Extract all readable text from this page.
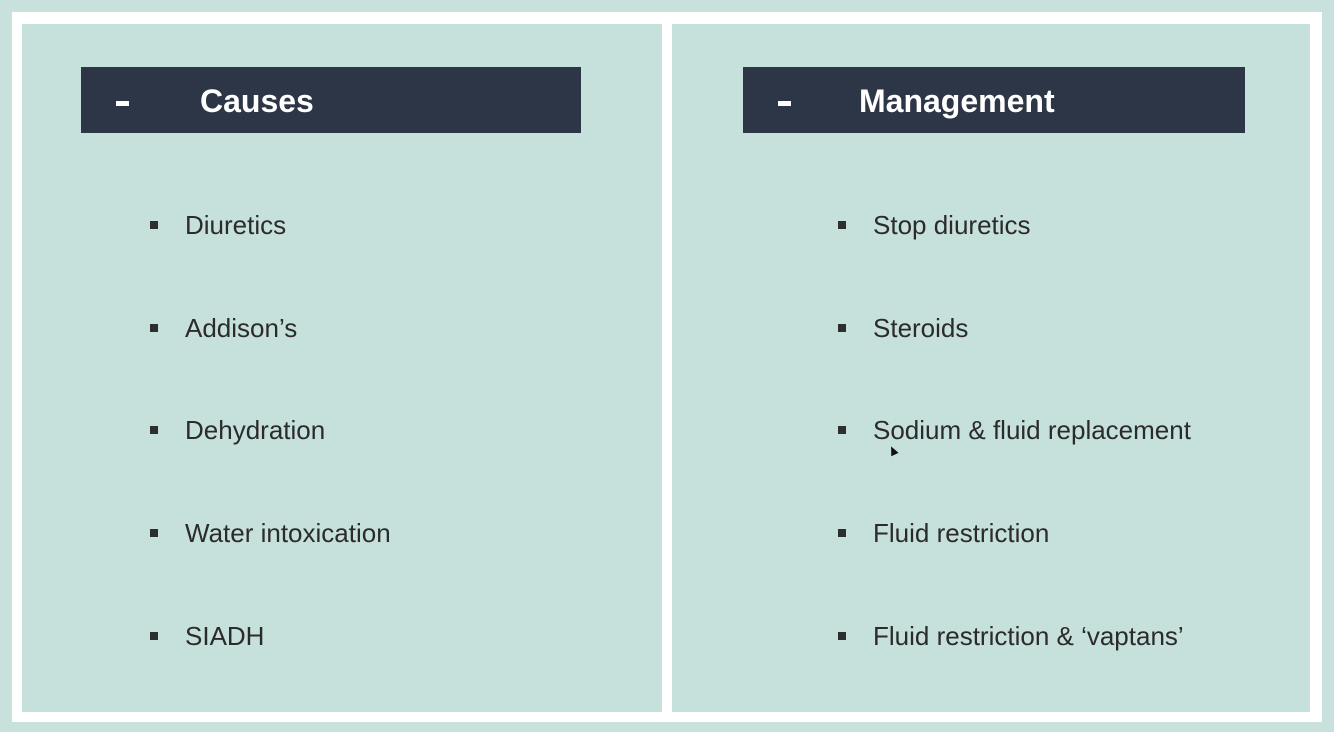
Causes
Diuretics
Addison’s
Dehydration
Water intoxication
SIADH
Management
Stop diuretics
Steroids
Sodium & fluid replacement
Fluid restriction
Fluid restriction & ‘vaptans’
